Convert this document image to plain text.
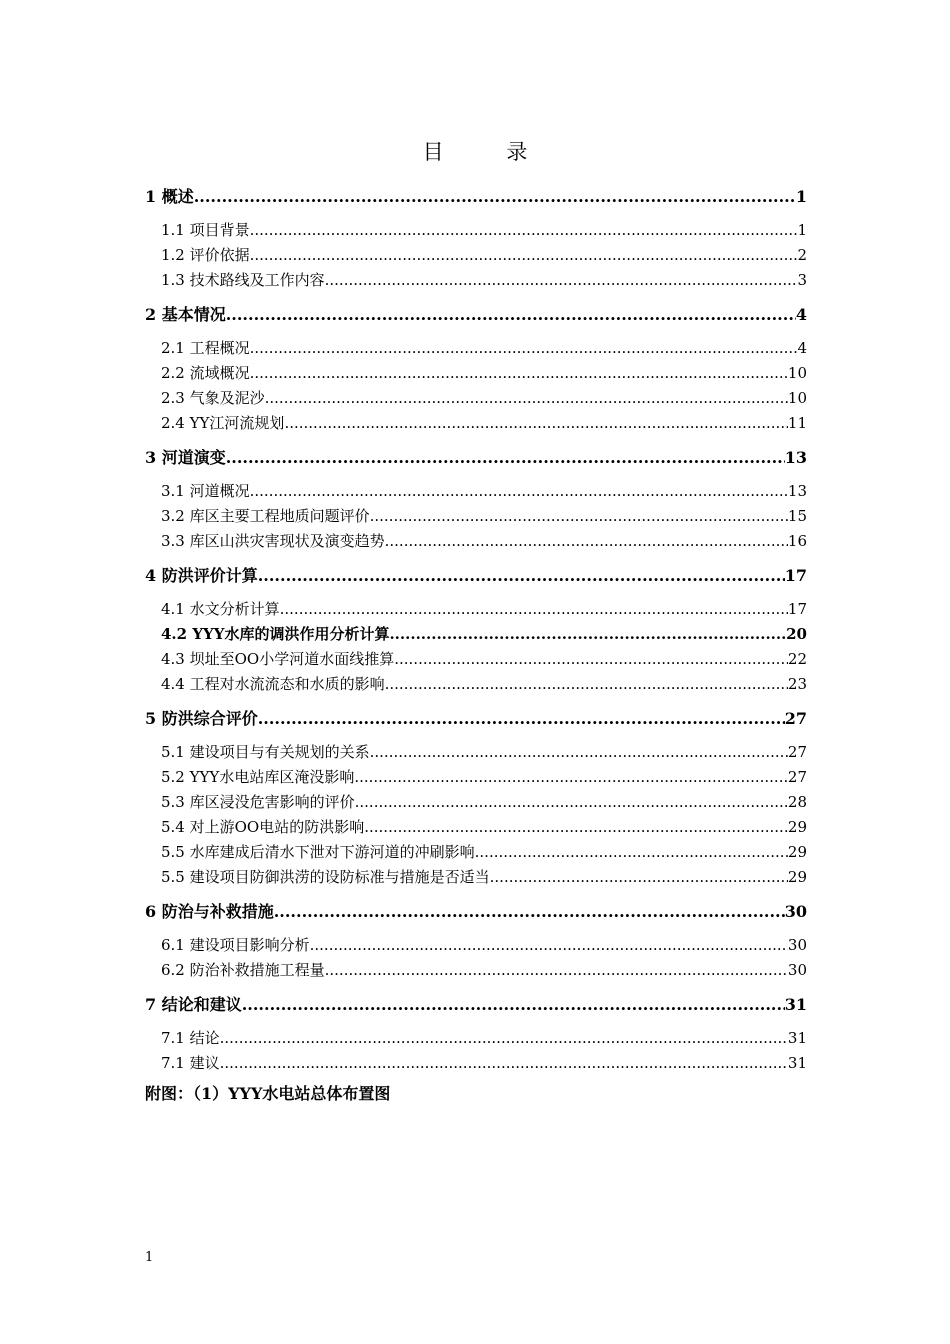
目 录
1 概述 .....	1
1.1 项目背景 .....	1
1.2 评价依据 .....	2
1.3 技术路线及工作内容 .....	3
2 基本情况 .....	4
2.1 工程概况 .....	4
2.2 流域概况 .....	10
2.3 气象及泥沙 .....	10
2.4 YY江河流规划 .....	11
3 河道演变 .....	13
3.1 河道概况 .....	13
3.2 库区主要工程地质问题评价 .....	15
3.3 库区山洪灾害现状及演变趋势 .....	16
4 防洪评价计算 .....	17
4.1 水文分析计算 .....	17
4.2 YYY水库的调洪作用分析计算 .....	20
4.3 坝址至OO小学河道水面线推算 .....	22
4.4 工程对水流流态和水质的影响 .....	23
5 防洪综合评价 .....	27
5.1 建设项目与有关规划的关系 .....	27
5.2 YYY水电站库区淹没影响 .....	27
5.3 库区浸没危害影响的评价 .....	28
5.4 对上游OO电站的防洪影响 .....	29
5.5 水库建成后清水下泄对下游河道的冲刷影响 .....	29
5.5 建设项目防御洪涝的设防标准与措施是否适当 .....	29
6 防治与补救措施 .....	30
6.1 建设项目影响分析 .....	30
6.2 防治补救措施工程量 .....	30
7 结论和建议 .....	31
7.1 结论 .....	31
7.1 建议 .....	31
附图：（1）YYY水电站总体布置图
1
